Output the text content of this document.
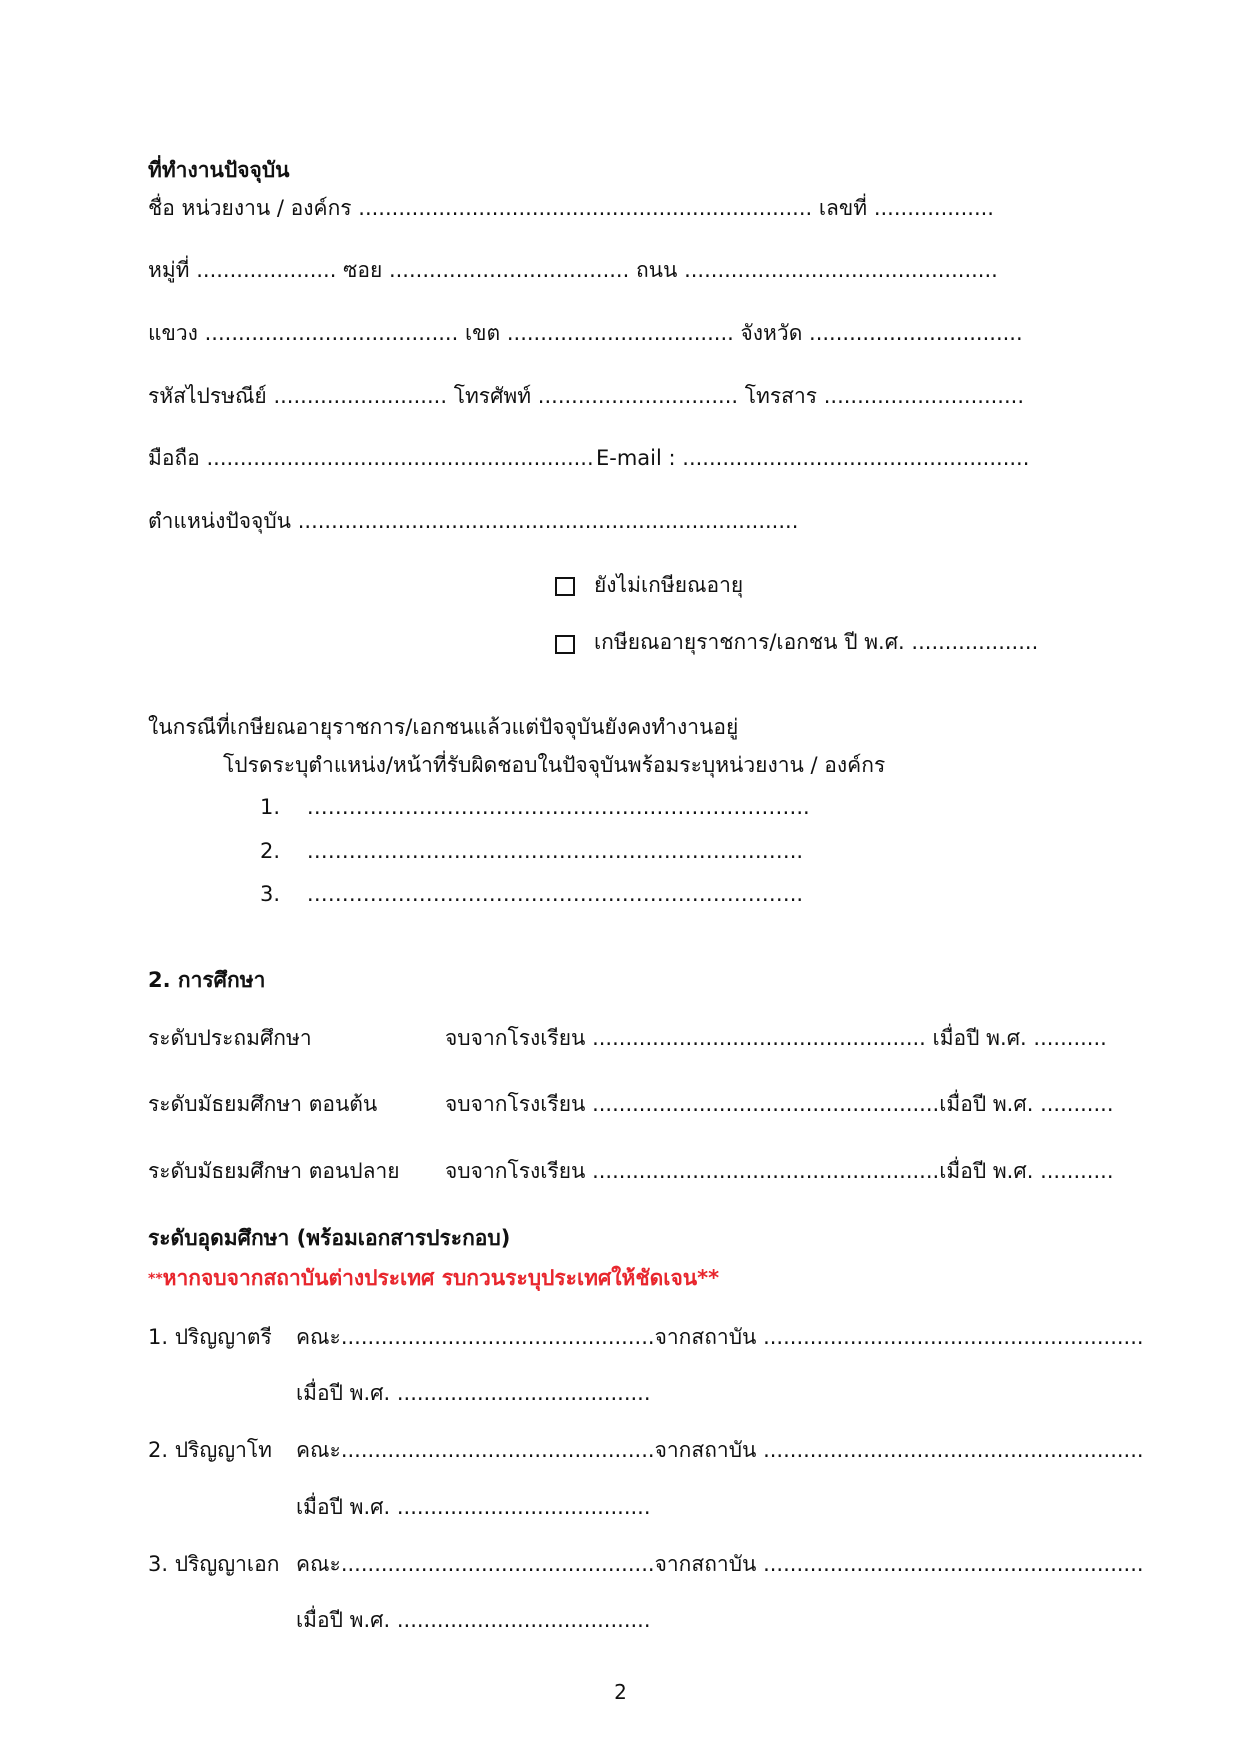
ที่ทำงานปัจจุบัน
ชื่อ หน่วยงาน / องค์กร .................................................................... เลขที่ ..................
หมู่ที่ ..................... ซอย .................................... ถนน ...............................................
แขวง ...................................... เขต .................................. จังหวัด ................................
รหัสไปรษณีย์ .......................... โทรศัพท์ .............................. โทรสาร ..............................
มือถือ .......................................................... E-mail : ....................................................
ตำแหน่งปัจจุบัน ...........................................................................
ยังไม่เกษียณอายุ
เกษียณอายุราชการ/เอกชน ปี พ.ศ. ...................
ในกรณีที่เกษียณอายุราชการ/เอกชนแล้วแต่ปัจจุบันยังคงทำงานอยู่
โปรดระบุตำแหน่ง/หน้าที่รับผิดชอบในปัจจุบันพร้อมระบุหน่วยงาน / องค์กร
1. ………………………………………….…………………..
2. ……………………………………………………………..
3. ……………………………………………………………..
2. การศึกษา
ระดับประถมศึกษา	จบจากโรงเรียน .................................................. เมื่อปี พ.ศ. ...........
ระดับมัธยมศึกษา ตอนต้น	จบจากโรงเรียน ....................................................เมื่อปี พ.ศ. ...........
ระดับมัธยมศึกษา ตอนปลาย จบจากโรงเรียน ....................................................เมื่อปี พ.ศ. ...........
ระดับอุดมศึกษา (พร้อมเอกสารประกอบ)
**หากจบจากสถาบันต่างประเทศ รบกวนระบุประเทศให้ชัดเจน**
1. ปริญญาตรี คณะ...............................................จากสถาบัน .........................................................
เมื่อปี พ.ศ. ......................................
2. ปริญญาโท คณะ...............................................จากสถาบัน .........................................................
เมื่อปี พ.ศ. ......................................
3. ปริญญาเอก คณะ...............................................จากสถาบัน .........................................................
เมื่อปี พ.ศ. ......................................
2
